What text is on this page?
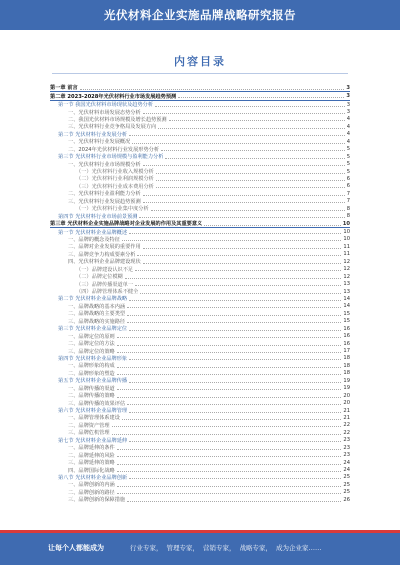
光伏材料企业实施品牌战略研究报告
内容目录
第一章 前言	3
第二章 2023-2028年光伏材料行业市场发展趋势预测	3
第一节 我国光伏材料市场现状及趋势分析	3
一、光伏材料市场发展态势分析	3
二、我国光伏材料市场规模及增长趋势预测	4
三、光伏材料行业竞争格局及发展方向	4
第二节 光伏材料行业发展分析	4
一、光伏材料行业发展概况	4
二、2024年光伏材料行业发展形势分析	5
第三节 光伏材料行业市场规模与盈利能力分析	5
一、光伏材料行业市场规模分析	5
（一）光伏材料行业收入规模分析	5
（二）光伏材料行业利润规模分析	6
（三）光伏材料行业成本费用分析	6
二、光伏材料行业盈利能力分析	7
三、光伏材料行业发展趋势预测	7
（一）光伏材料行业集中度分析	8
第四节 光伏材料行业市场前景预测	8
第三章 光伏材料企业实施品牌战略对企业发展的作用及其重要意义	10
第一节 光伏材料企业品牌概述	10
一、品牌的概念及特征	10
二、品牌对企业发展的重要作用	11
三、品牌竞争力构成要素分析	11
四、光伏材料企业品牌建设现状	12
（一）品牌建设认识不足	12
（二）品牌定位模糊	12
（三）品牌传播渠道单一	13
（四）品牌管理体系不健全	13
第二节 光伏材料企业品牌战略	14
一、品牌战略的基本内涵	14
二、品牌战略的主要类型	15
三、品牌战略的实施路径	15
第三节 光伏材料企业品牌定位	16
一、品牌定位的原则	16
二、品牌定位的方法	16
三、品牌定位的策略	17
第四节 光伏材料企业品牌形象	18
一、品牌形象的构成	18
二、品牌形象的塑造	18
第五节 光伏材料企业品牌传播	19
一、品牌传播的渠道	19
二、品牌传播的策略	20
三、品牌传播的效果评估	20
第六节 光伏材料企业品牌管理	21
一、品牌管理体系建设	21
二、品牌资产管理	22
三、品牌危机管理	22
第七节 光伏材料企业品牌延伸	23
一、品牌延伸的条件	23
二、品牌延伸的风险	23
三、品牌延伸的策略	24
四、品牌国际化战略	24
第八节 光伏材料企业品牌创新	25
一、品牌创新的内涵	25
二、品牌创新的路径	25
三、品牌创新的保障措施	26
让每个人都能成为	行业专家， 管理专家， 营销专家， 战略专家， 成为企业家……
